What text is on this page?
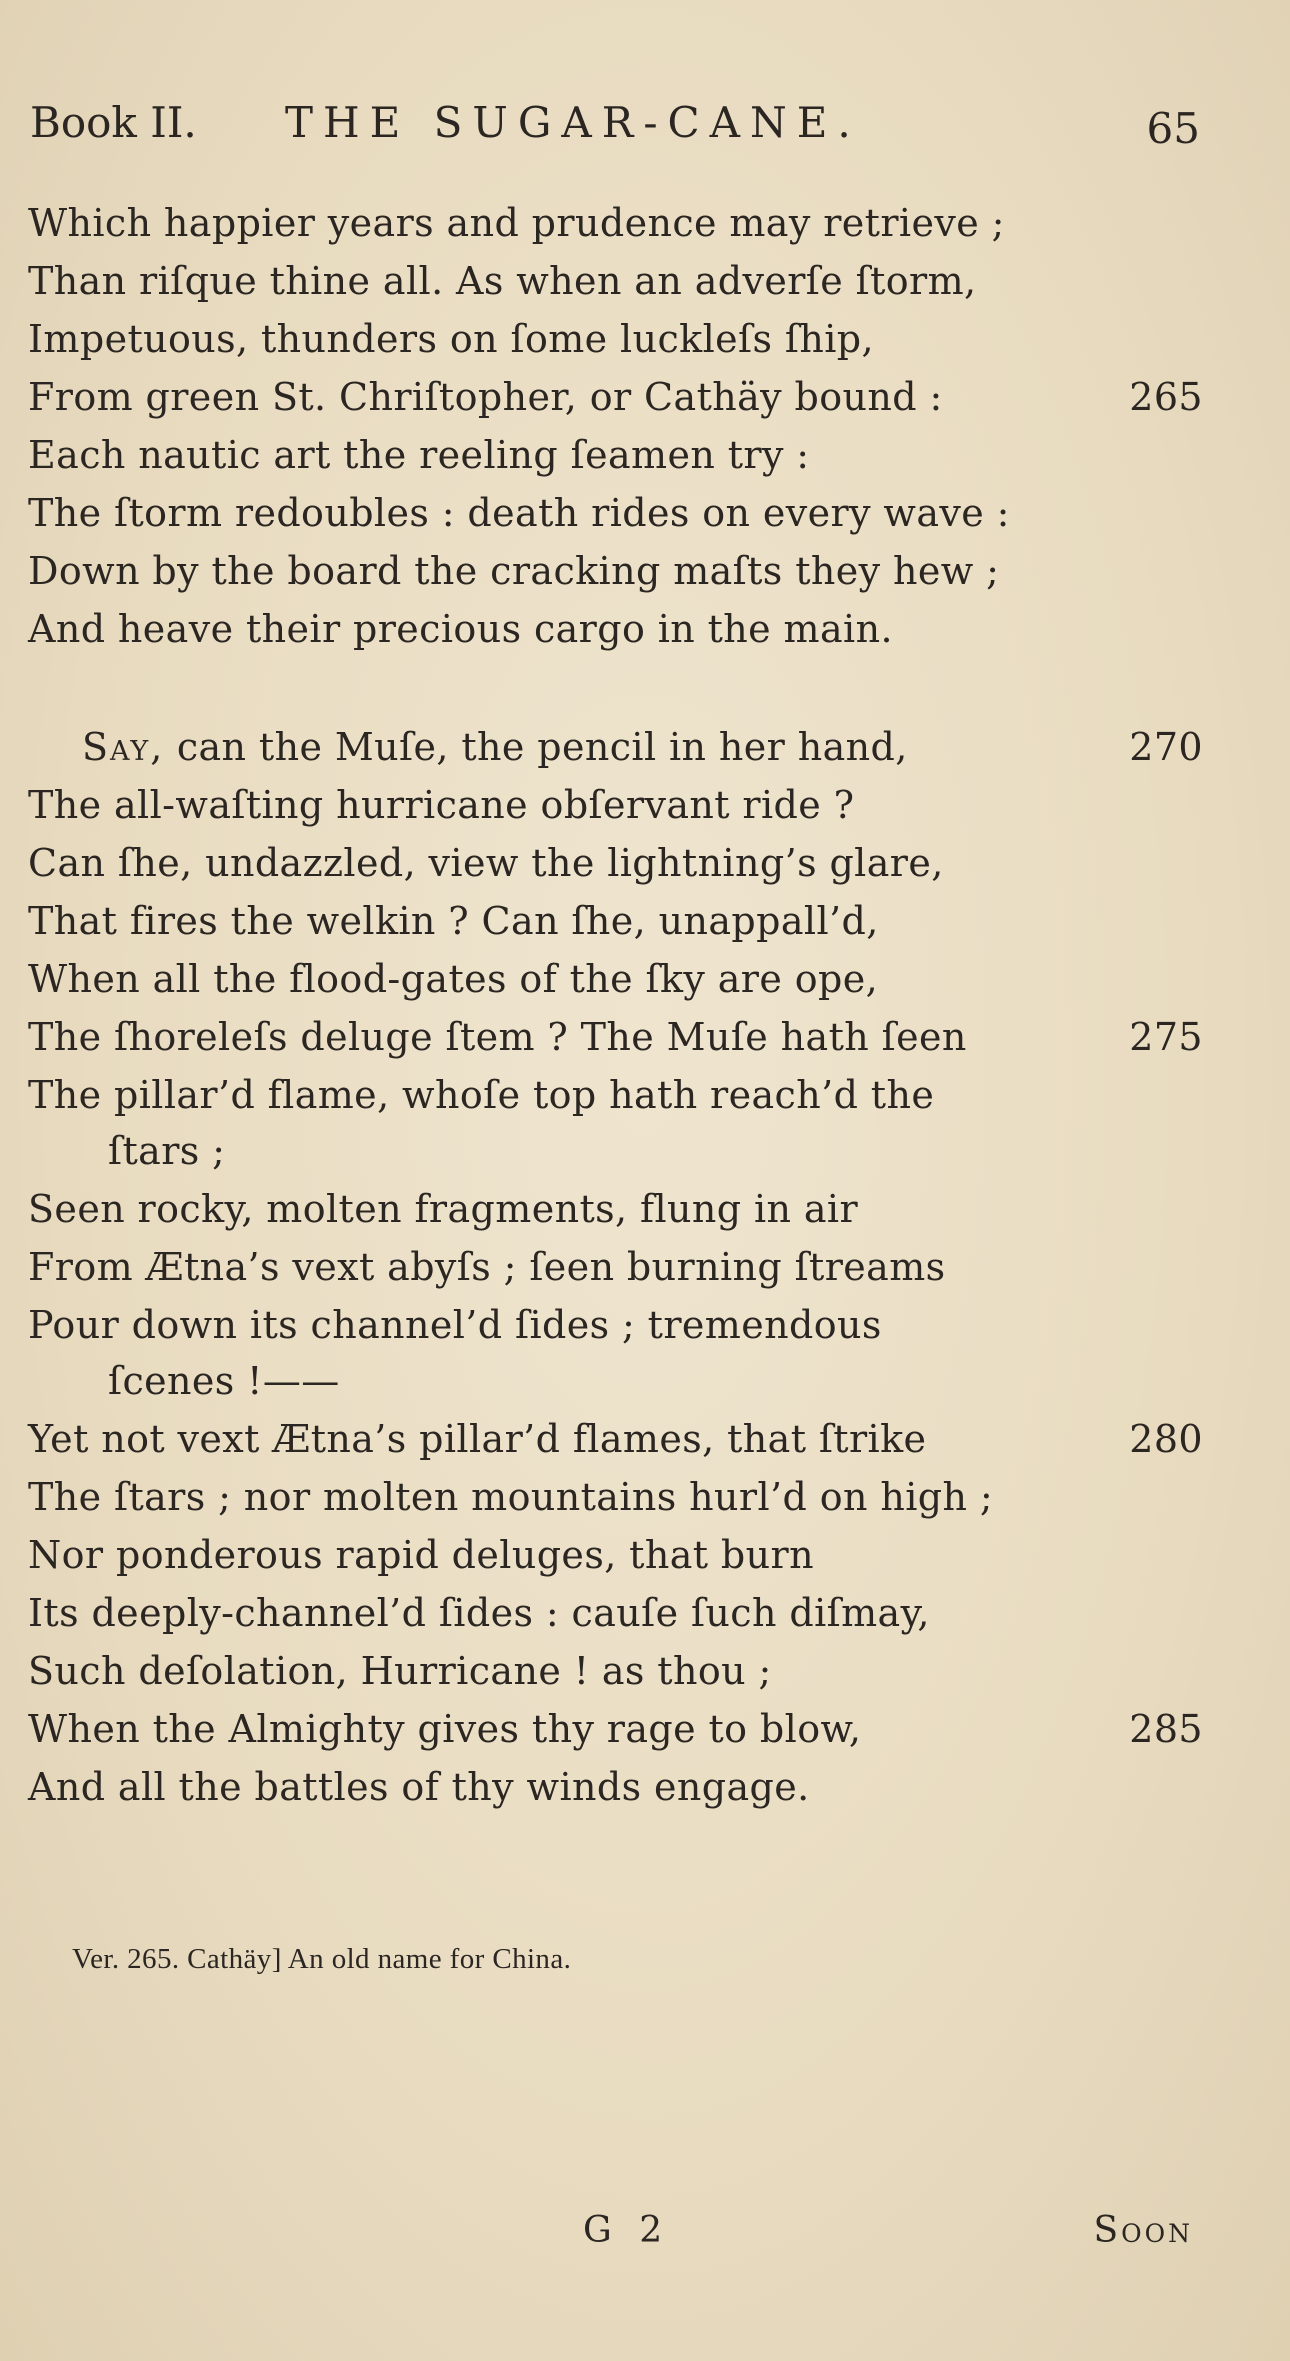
Book II. THE SUGAR-CANE.	65
Which happier years and prudence may retrieve ;
Than riſque thine all. As when an adverſe ſtorm,
Impetuous, thunders on ſome luckleſs ſhip,
From green St. Chriſtopher, or Cathäy bound :	265
Each nautic art the reeling ſeamen try :
The ſtorm redoubles : death rides on every wave :
Down by the board the cracking maſts they hew ;
And heave their precious cargo in the main.
Say, can the Muſe, the pencil in her hand,	270
The all-waſting hurricane obſervant ride ?
Can ſhe, undazzled, view the lightning’s glare,
That fires the welkin ? Can ſhe, unappall’d,
When all the flood-gates of the ſky are ope,
The ſhoreleſs deluge ſtem ? The Muſe hath ſeen	275
The pillar’d flame, whoſe top hath reach’d the
ſtars ;
Seen rocky, molten fragments, flung in air
From Ætna’s vext abyſs ; ſeen burning ſtreams
Pour down its channel’d ſides ; tremendous
ſcenes !——
Yet not vext Ætna’s pillar’d flames, that ſtrike	280
The ſtars ; nor molten mountains hurl’d on high ;
Nor ponderous rapid deluges, that burn
Its deeply-channel’d ſides : cauſe ſuch diſmay,
Such deſolation, Hurricane ! as thou ;
When the Almighty gives thy rage to blow,	285
And all the battles of thy winds engage.
Ver. 265. Cathäy] An old name for China.
G 2	Soon
